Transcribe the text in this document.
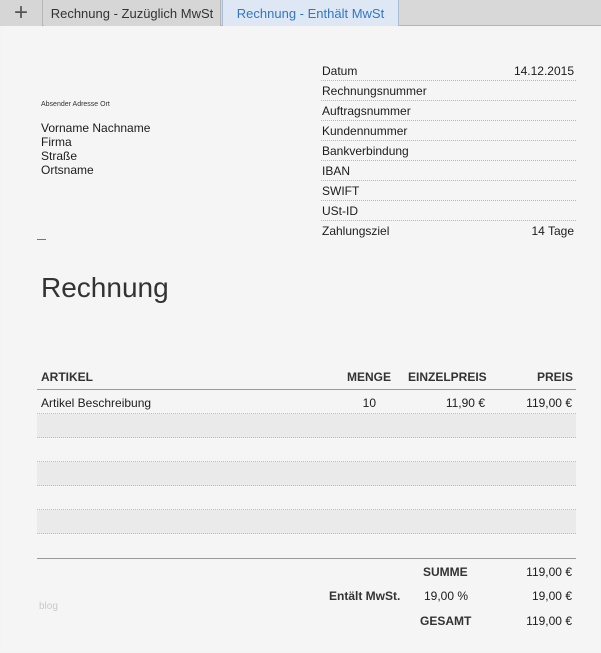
+ Rechnung - Zuzüglich MwSt Rechnung - Enthält MwSt
Absender Adresse Ort
Vorname Nachname
Firma
Straße
Ortsname
Datum	14.12.2015
Rechnungsnummer
Auftragsnummer
Kundennummer
Bankverbindung
IBAN
SWIFT
USt-ID
Zahlungsziel	14 Tage
Rechnung
ARTIKEL	MENGE EINZELPREIS	PREIS
Artikel Beschreibung	10	11,90 €	119,00 €
SUMME	119,00 €
Entält MwSt. 19,00 %	19,00 €
GESAMT	119,00 €
blog
